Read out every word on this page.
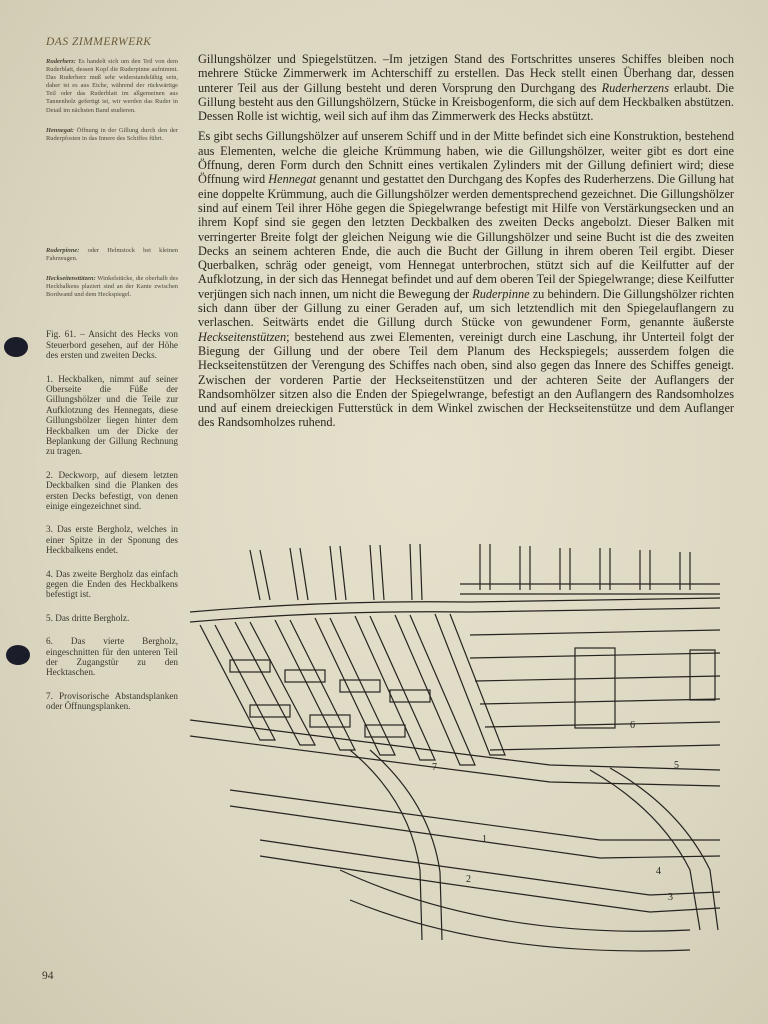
DAS ZIMMERWERK
Ruderherz: Es handelt sich um den Teil von dem Ruderblatt, dessen Kopf die Ruderpinne aufnimmt. Das Ruderherz muß sehr widerstandsfähig sein, daher ist es aus Eiche, während der rückwärtige Teil oder das Ruderblatt im allgemeinen aus Tannenholz gefertigt ist, wir werden das Ruder in Detail im nächsten Band studieren.
Hennegat: Öffnung in der Gillung durch den der Ruderpfosten in das Innere des Schiffes führt.
Ruderpinne: oder Helmstock bei kleinen Fahrzeugen.
Heckseitenstützen: Winkelstücke, die oberhalb des Heckbalkens plaziert sind an der Kante zwischen Bordwand und dem Heckspiegel.

Fig. 61. – Ansicht des Hecks von Steuerbord gesehen, auf der Höhe des ersten und zweiten Decks.

1. Heckbalken, nimmt auf seiner Oberseite die Füße der Gillungshölzer und die Teile zur Aufklotzung des Hennegats, diese Gillungshölzer liegen hinter dem Heckbalken um der Dicke der Beplankung der Gillung Rechnung zu tragen.

2. Deckworp, auf diesem letzten Deckbalken sind die Planken des ersten Decks befestigt, von denen einige eingezeichnet sind.

3. Das erste Bergholz, welches in einer Spitze in der Sponung des Heckbalkens endet.

4. Das zweite Bergholz das einfach gegen die Enden des Heckbalkens befestigt ist.

5. Das dritte Bergholz.

6. Das vierte Bergholz, eingeschnitten für den unteren Teil der Zugangstür zu den Hecktaschen.

7. Provisorische Abstandsplanken oder Öffnungsplanken.

Gillungshölzer und Spiegelstützen. –Im jetzigen Stand des Fortschrittes unseres Schiffes bleiben noch mehrere Stücke Zimmerwerk im Achterschiff zu erstellen. Das Heck stellt einen Überhang dar, dessen unterer Teil aus der Gillung besteht und deren Vorsprung den Durchgang des Ruderherzens erlaubt. Die Gillung besteht aus den Gillungshölzern, Stücke in Kreisbogenform, die sich auf dem Heckbalken abstützen. Dessen Rolle ist wichtig, weil sich auf ihm das Zimmerwerk des Hecks abstützt.

Es gibt sechs Gillungshölzer auf unserem Schiff und in der Mitte befindet sich eine Konstruktion, bestehend aus Elementen, welche die gleiche Krümmung haben, wie die Gillungshölzer, weiter gibt es dort eine Öffnung, deren Form durch den Schnitt eines vertikalen Zylinders mit der Gillung definiert wird; diese Öffnung wird Hennegat genannt und gestattet den Durchgang des Kopfes des Ruderherzens. Die Gillung hat eine doppelte Krümmung, auch die Gillungshölzer werden dementsprechend gezeichnet. Die Gillungshölzer sind auf einem Teil ihrer Höhe gegen die Spiegelwrange befestigt mit Hilfe von Verstärkungsecken und an ihrem Kopf sind sie gegen den letzten Deckbalken des zweiten Decks angebolzt. Dieser Balken mit verringerter Breite folgt der gleichen Neigung wie die Gillungshölzer und seine Bucht ist die des zweiten Decks an seinem achteren Ende, die auch die Bucht der Gillung in ihrem oberen Teil ergibt. Dieser Querbalken, schräg oder geneigt, vom Hennegat unterbrochen, stützt sich auf die Keilfutter auf der Aufklotzung, in der sich das Hennegat befindet und auf dem oberen Teil der Spiegelwrange; diese Keilfutter verjüngen sich nach innen, um nicht die Bewegung der Ruderpinne zu behindern. Die Gillungshölzer richten sich dann über der Gillung zu einer Geraden auf, um sich letztendlich mit den Spiegelauflangern zu verlaschen. Seitwärts endet die Gillung durch Stücke von gewundener Form, genannte äußerste Heckseitenstützen; bestehend aus zwei Elementen, vereinigt durch eine Laschung, ihr Unterteil folgt der Biegung der Gillung und der obere Teil dem Planum des Heckspiegels; ausserdem folgen die Heckseitenstützen der Verengung des Schiffes nach oben, sind also gegen das Innere des Schiffes geneigt. Zwischen der vorderen Partie der Heckseitenstützen und der achteren Seite der Auflangers der Randsomhölzer sitzen also die Enden der Spiegelwrange, befestigt an den Auflangern des Randsomholzes und auf einem dreieckigen Futterstück in dem Winkel zwischen der Heckseitenstütze und dem Auflanger des Randsomholzes ruhend.

1
2
3
4
5
6
7
94
